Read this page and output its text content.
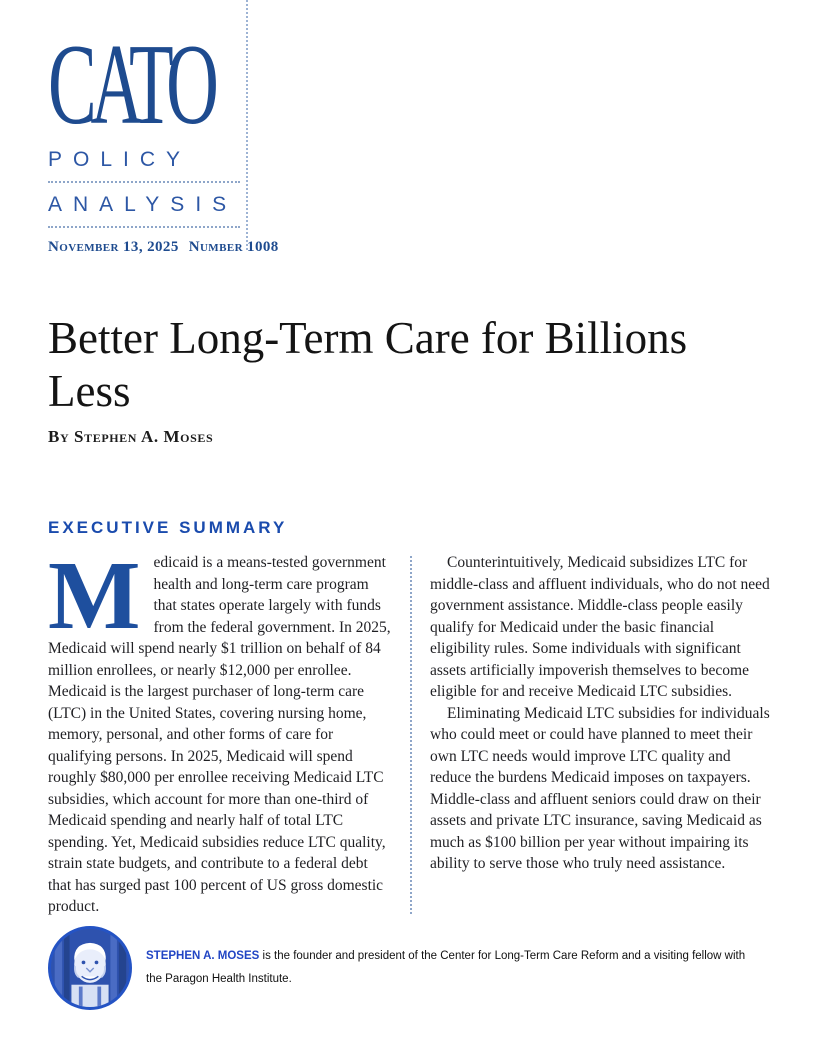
CATO
POLICY
ANALYSIS
November 13, 2025 Number 1008
Better Long-Term Care for Billions Less
By Stephen A. Moses
EXECUTIVE SUMMARY
Medicaid is a means-tested government health and long-term care program that states operate largely with funds from the federal government. In 2025, Medicaid will spend nearly $1 trillion on behalf of 84 million enrollees, or nearly $12,000 per enrollee. Medicaid is the largest purchaser of long-term care (LTC) in the United States, covering nursing home, memory, personal, and other forms of care for qualifying persons. In 2025, Medicaid will spend roughly $80,000 per enrollee receiving Medicaid LTC subsidies, which account for more than one-third of Medicaid spending and nearly half of total LTC spending. Yet, Medicaid subsidies reduce LTC quality, strain state budgets, and contribute to a federal debt that has surged past 100 percent of US gross domestic product.

Counterintuitively, Medicaid subsidizes LTC for middle-class and affluent individuals, who do not need government assistance. Middle-class people easily qualify for Medicaid under the basic financial eligibility rules. Some individuals with significant assets artificially impoverish themselves to become eligible for and receive Medicaid LTC subsidies.

Eliminating Medicaid LTC subsidies for individuals who could meet or could have planned to meet their own LTC needs would improve LTC quality and reduce the burdens Medicaid imposes on taxpayers. Middle-class and affluent seniors could draw on their assets and private LTC insurance, saving Medicaid as much as $100 billion per year without impairing its ability to serve those who truly need assistance.

STEPHEN A. MOSES is the founder and president of the Center for Long-Term Care Reform and a visiting fellow with the Paragon Health Institute.
